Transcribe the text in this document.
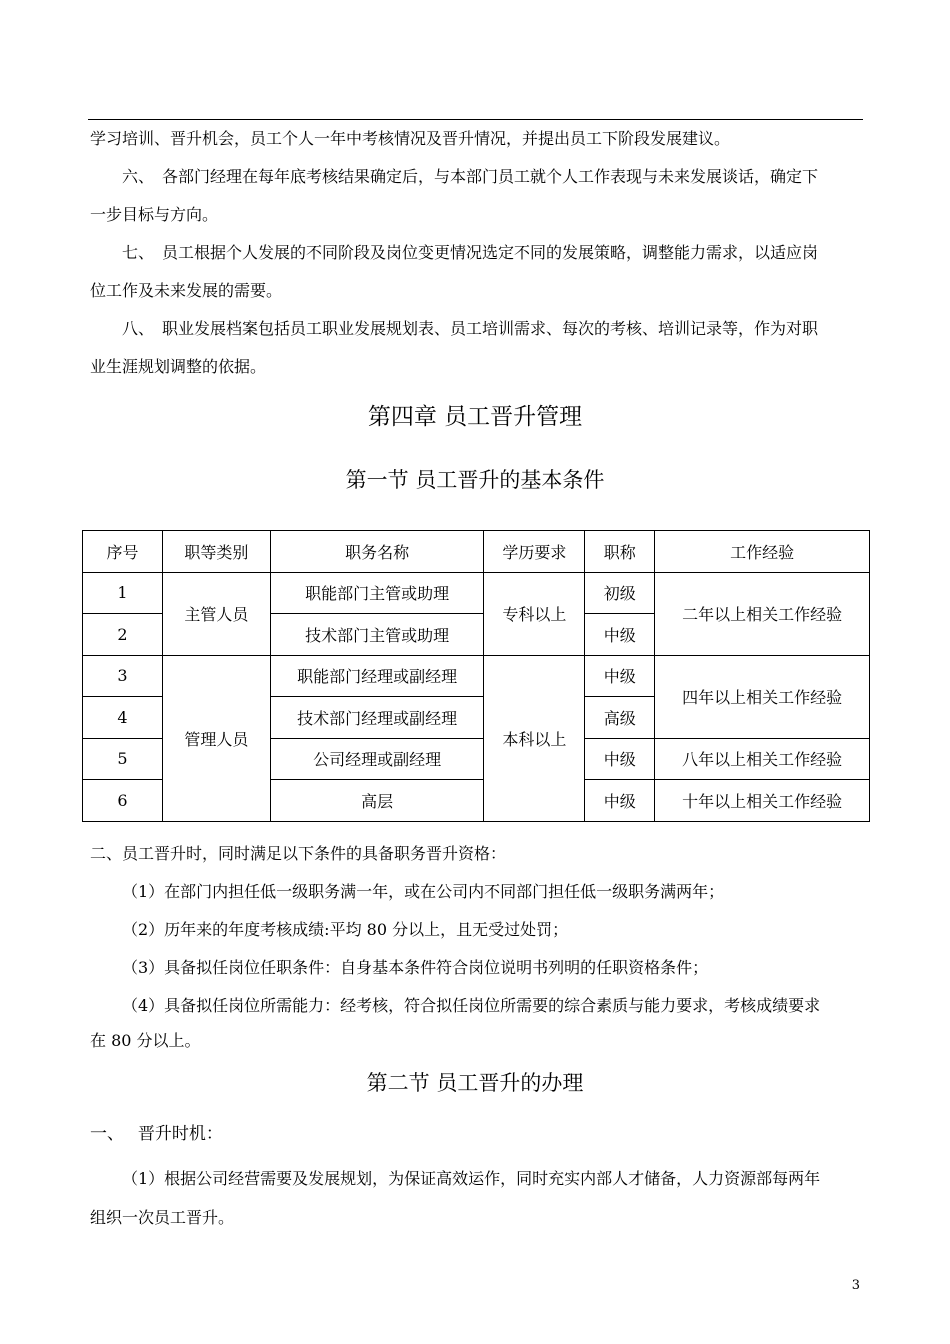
学习培训、晋升机会，员工个人一年中考核情况及晋升情况，并提出员工下阶段发展建议。
六、　各部门经理在每年底考核结果确定后，与本部门员工就个人工作表现与未来发展谈话，确定下
一步目标与方向。
七、　员工根据个人发展的不同阶段及岗位变更情况选定不同的发展策略，调整能力需求，以适应岗
位工作及未来发展的需要。
八、　职业发展档案包括员工职业发展规划表、员工培训需求、每次的考核、培训记录等，作为对职
业生涯规划调整的依据。
第四章 员工晋升管理
第一节 员工晋升的基本条件
序号	职等类别	职务名称	学历要求	职称	工作经验
1	主管人员	职能部门主管或助理	专科以上	初级	二年以上相关工作经验
2		技术部门主管或助理		中级	
3	管理人员	职能部门经理或副经理	本科以上	中级	四年以上相关工作经验
4		技术部门经理或副经理		高级	
5		公司经理或副经理		中级	八年以上相关工作经验
6		高层		中级	十年以上相关工作经验
二、员工晋升时，同时满足以下条件的具备职务晋升资格：
（1）在部门内担任低一级职务满一年，或在公司内不同部门担任低一级职务满两年；
（2）历年来的年度考核成绩:平均 80 分以上，且无受过处罚；
（3）具备拟任岗位任职条件：自身基本条件符合岗位说明书列明的任职资格条件；
（4）具备拟任岗位所需能力：经考核，符合拟任岗位所需要的综合素质与能力要求，考核成绩要求
在 80 分以上。
第二节 员工晋升的办理
一、　 晋升时机：
（1）根据公司经营需要及发展规划，为保证高效运作，同时充实内部人才储备，人力资源部每两年
组织一次员工晋升。
3
